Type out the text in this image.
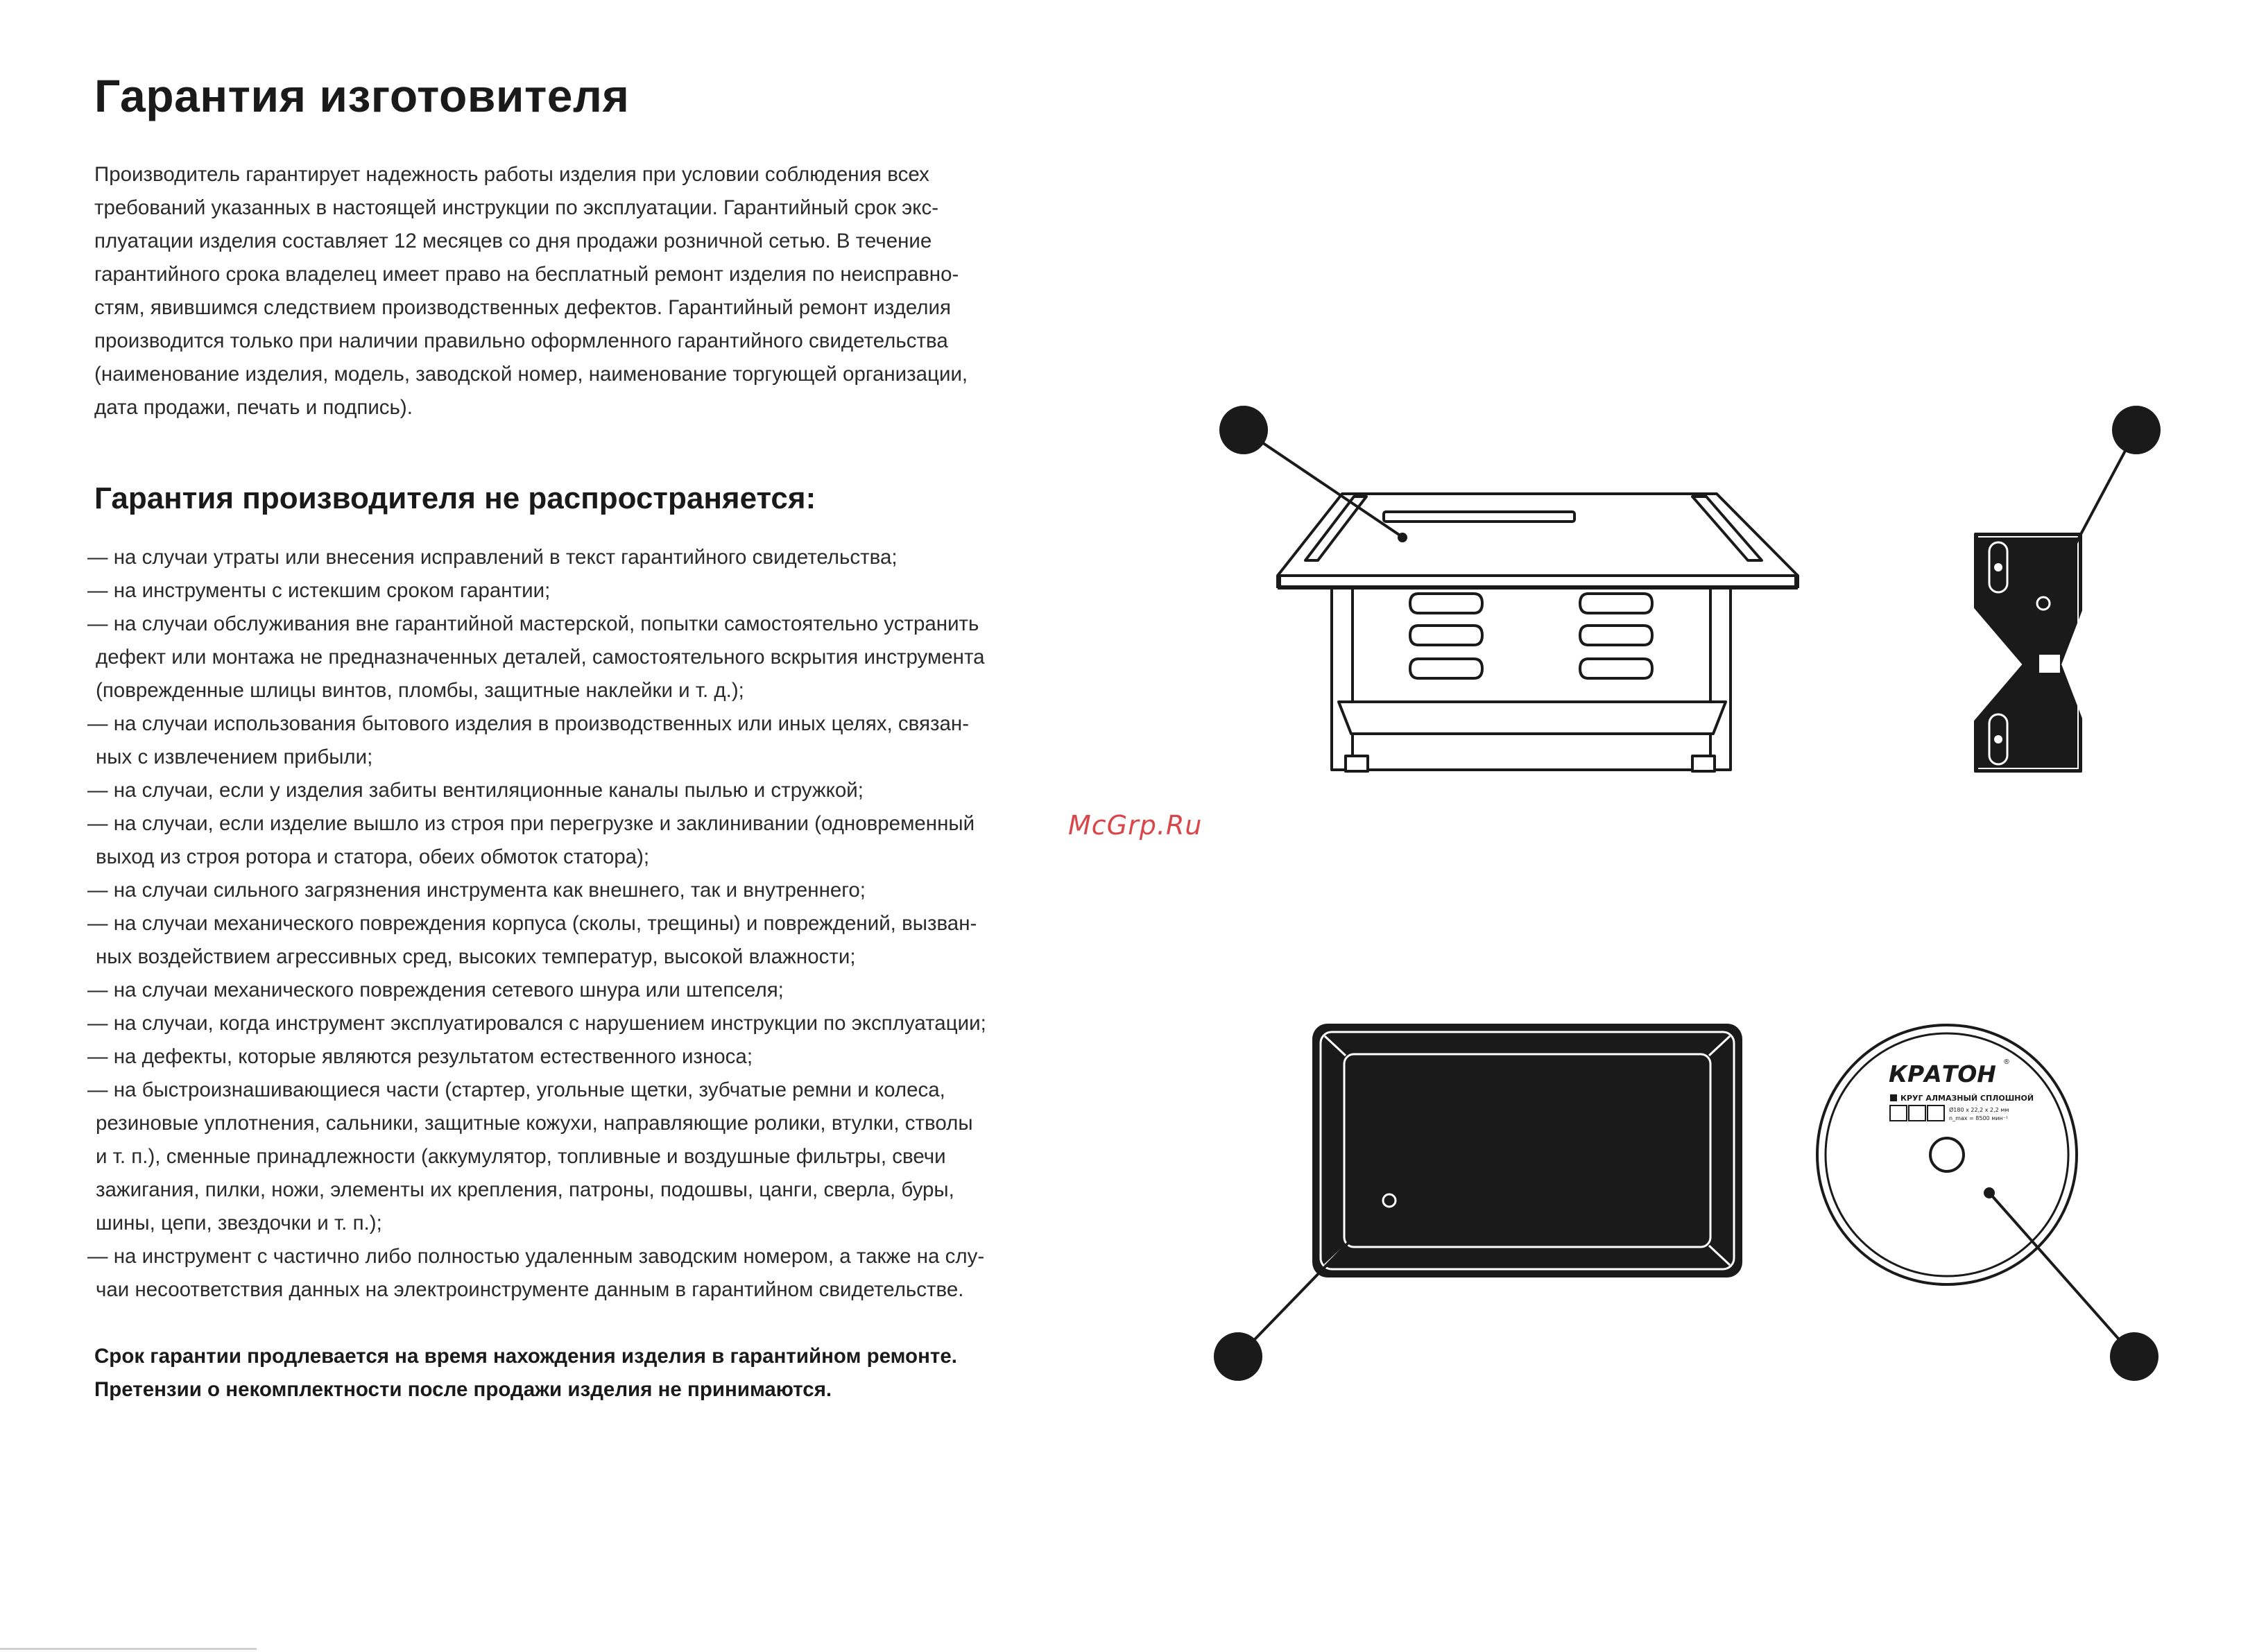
Гарантия изготовителя
Производитель гарантирует надежность работы изделия при условии соблюдения всех
требований указанных в настоящей инструкции по эксплуатации. Гарантийный срок экс-
плуатации изделия составляет 12 месяцев со дня продажи розничной сетью. В течение
гарантийного срока владелец имеет право на бесплатный ремонт изделия по неисправно-
стям, явившимся следствием производственных дефектов. Гарантийный ремонт изделия
производится только при наличии правильно оформленного гарантийного свидетельства
(наименование изделия, модель, заводской номер, наименование торгующей организации,
дата продажи, печать и подпись).
Гарантия производителя не распространяется:
— на случаи утраты или внесения исправлений в текст гарантийного свидетельства;
— на инструменты с истекшим сроком гарантии;
— на случаи обслуживания вне гарантийной мастерской, попытки самостоятельно устранить
дефект или монтажа не предназначенных деталей, самостоятельного вскрытия инструмента
(поврежденные шлицы винтов, пломбы, защитные наклейки и т. д.);
— на случаи использования бытового изделия в производственных или иных целях, связан-
ных с извлечением прибыли;
— на случаи, если у изделия забиты вентиляционные каналы пылью и стружкой;
— на случаи, если изделие вышло из строя при перегрузке и заклинивании (одновременный
выход из строя ротора и статора, обеих обмоток статора);
— на случаи сильного загрязнения инструмента как внешнего, так и внутреннего;
— на случаи механического повреждения корпуса (сколы, трещины) и повреждений, вызван-
ных воздействием агрессивных сред, высоких температур, высокой влажности;
— на случаи механического повреждения сетевого шнура или штепселя;
— на случаи, когда инструмент эксплуатировался с нарушением инструкции по эксплуатации;
— на дефекты, которые являются результатом естественного износа;
— на быстроизнашивающиеся части (стартер, угольные щетки, зубчатые ремни и колеса,
резиновые уплотнения, сальники, защитные кожухи, направляющие ролики, втулки, стволы
и т. п.), сменные принадлежности (аккумулятор, топливные и воздушные фильтры, свечи
зажигания, пилки, ножи, элементы их крепления, патроны, подошвы, цанги, сверла, буры,
шины, цепи, звездочки и т. п.);
— на инструмент с частично либо полностью удаленным заводским номером, а также на слу-
чаи несоответствия данных на электроинструменте данным в гарантийном свидетельстве.
Срок гарантии продлевается на время нахождения изделия в гарантийном ремонте.
Претензии о некомплектности после продажи изделия не принимаются.
McGrp.Ru
КРАТОН ®
КРУГ АЛМАЗНЫЙ СПЛОШНОЙ
Ø180 x 22,2 x 2,2 мм
n_max = 8500 мин⁻¹
